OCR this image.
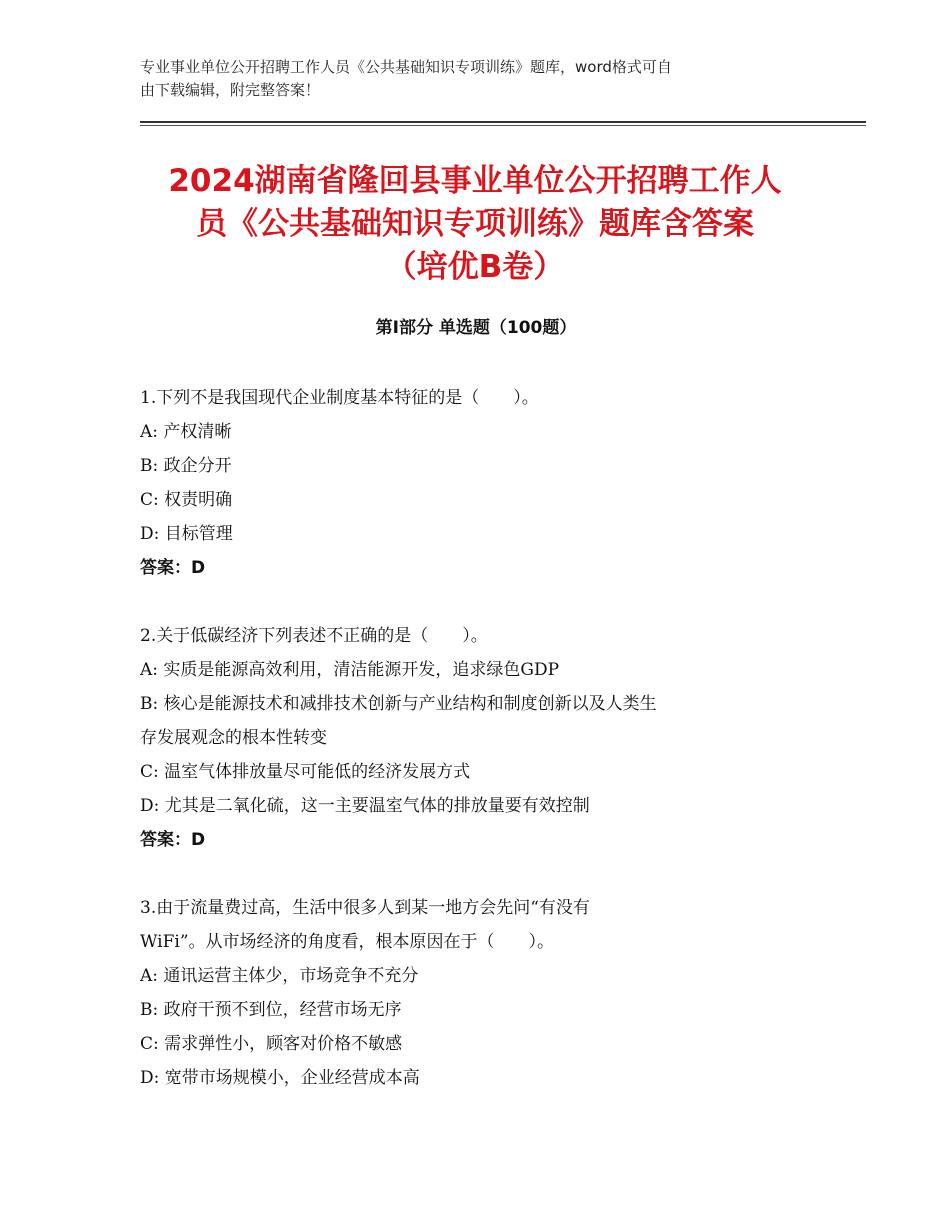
专业事业单位公开招聘工作人员《公共基础知识专项训练》题库，word格式可自
由下载编辑，附完整答案！
2024湖南省隆回县事业单位公开招聘工作人
员《公共基础知识专项训练》题库含答案
（培优B卷）
第Ⅰ部分 单选题（100题）
1.下列不是我国现代企业制度基本特征的是（　　）。
A: 产权清晰
B: 政企分开
C: 权责明确
D: 目标管理
答案：D
2.关于低碳经济下列表述不正确的是（　　）。
A: 实质是能源高效利用，清洁能源开发，追求绿色GDP
B: 核心是能源技术和减排技术创新与产业结构和制度创新以及人类生
存发展观念的根本性转变
C: 温室气体排放量尽可能低的经济发展方式
D: 尤其是二氧化硫，这一主要温室气体的排放量要有效控制
答案：D
3.由于流量费过高，生活中很多人到某一地方会先问“有没有
WiFi”。从市场经济的角度看，根本原因在于（　　）。
A: 通讯运营主体少，市场竞争不充分
B: 政府干预不到位，经营市场无序
C: 需求弹性小，顾客对价格不敏感
D: 宽带市场规模小，企业经营成本高
